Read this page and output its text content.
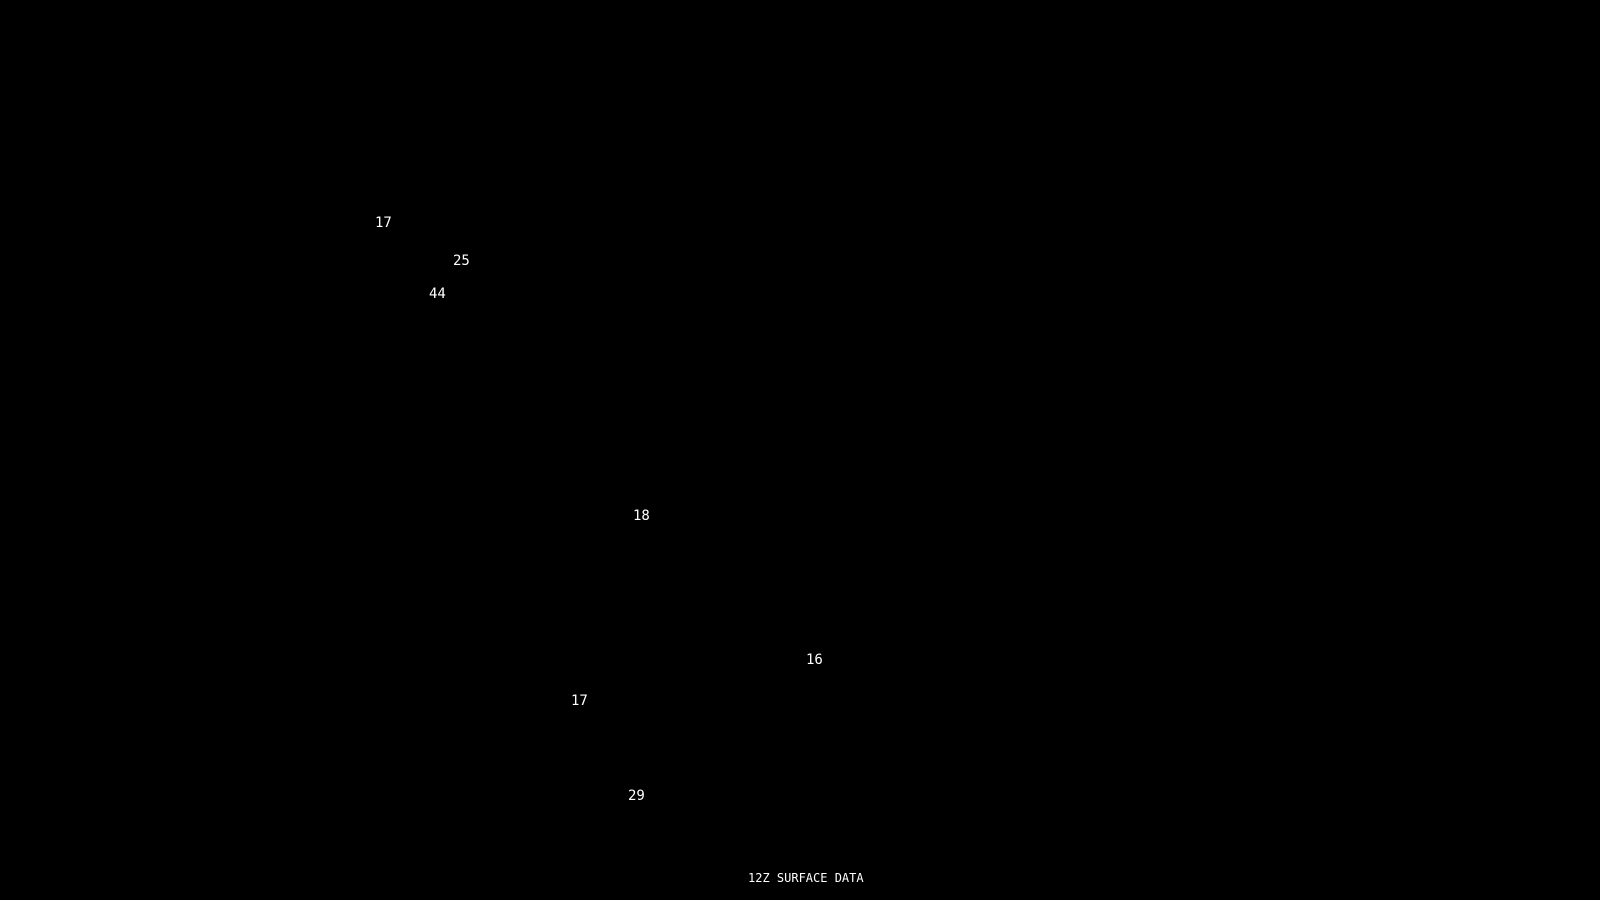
17
25
44
18
16
17
29
12Z SURFACE DATA
